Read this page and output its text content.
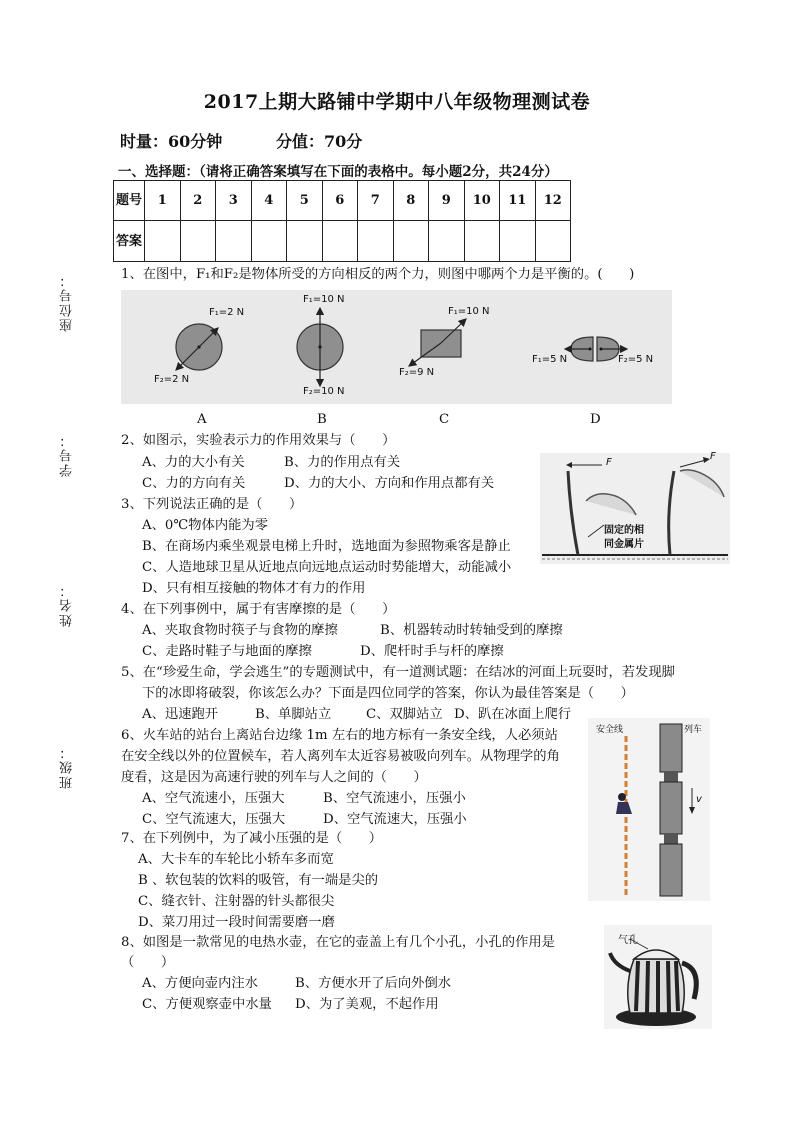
2017上期大路铺中学期中八年级物理测试卷
时量：60分钟	分值：70分
一、选择题：（请将正确答案填写在下面的表格中。每小题2分，共24分）
题号	1	2	3	4	5	6	7	8	9	10	11	12
答案												
座位号：
学号：
姓名：
班级：
1、在图中，F₁和F₂是物体所受的方向相反的两个力，则图中哪两个力是平衡的。(　　)
F₁=2 N
F₂=2 N
F₁=10 N
F₂=10 N
F₁=10 N
F₂=9 N
F₁=5 N	F₂=5 N
A	B	C	D
2、如图示，实验表示力的作用效果与（　　）
A、力的大小有关	B、力的作用点有关
C、力的方向有关	D、力的大小、方向和作用点都有关
F
F
固定的相
同金属片
3、下列说法正确的是（　　）
A、0℃物体内能为零
B、在商场内乘坐观景电梯上升时，选地面为参照物乘客是静止
C、人造地球卫星从近地点向远地点运动时势能增大，动能减小
D、只有相互接触的物体才有力的作用
4、在下列事例中，属于有害摩擦的是（　　）
A、夹取食物时筷子与食物的摩擦	B、机器转动时转轴受到的摩擦
C、走路时鞋子与地面的摩擦	D、爬杆时手与杆的摩擦
5、在“珍爱生命，学会逃生”的专题测试中，有一道测试题：在结冰的河面上玩耍时，若发现脚
下的冰即将破裂，你该怎么办？下面是四位同学的答案，你认为最佳答案是（　　）
A、迅速跑开	B、单脚站立	C、双脚站立 D、趴在冰面上爬行
6、火车站的站台上离站台边缘 1m 左右的地方标有一条安全线，人必须站
在安全线以外的位置候车，若人离列车太近容易被吸向列车。从物理学的角
度看，这是因为高速行驶的列车与人之间的（　　）
A、空气流速小，压强大	B、空气流速小，压强小
C、空气流速大，压强大	D、空气流速大，压强小
安全线	列车
v
7、在下列例中，为了减小压强的是（　　）
A、大卡车的车轮比小轿车多而宽
B 、软包装的饮料的吸管，有一端是尖的
C、缝衣针、注射器的针头都很尖
D、菜刀用过一段时间需要磨一磨
8、如图是一款常见的电热水壶，在它的壶盖上有几个小孔，小孔的作用是
（　　）
A、方便向壶内注水	B、方便水开了后向外倒水
C、方便观察壶中水量 D、为了美观，不起作用
气孔
